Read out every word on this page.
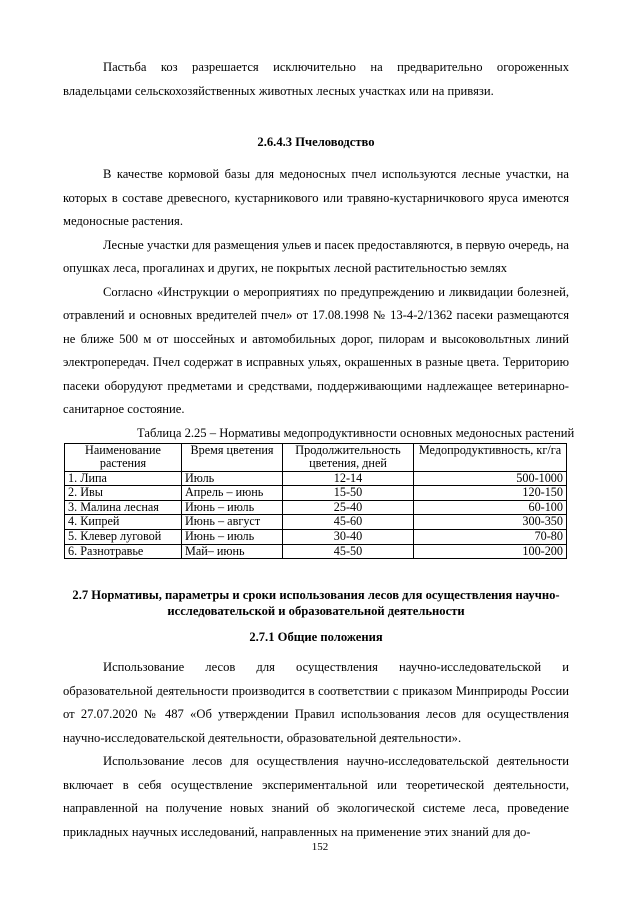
Пастьба коз разрешается исключительно на предварительно огороженных владельцами сельскохозяйственных животных лесных участках или на привязи.

2.6.4.3 Пчеловодство

В качестве кормовой базы для медоносных пчел используются лесные участки, на которых в составе древесного, кустарникового или травяно-кустарничкового яруса имеются медоносные растения.

Лесные участки для размещения ульев и пасек предоставляются, в первую очередь, на опушках леса, прогалинах и других, не покрытых лесной растительностью землях

Согласно «Инструкции о мероприятиях по предупреждению и ликвидации болезней, отравлений и основных вредителей пчел» от 17.08.1998 № 13-4-2/1362 пасеки размещаются не ближе 500 м от шоссейных и автомобильных дорог, пилорам и высоковольтных линий электропередач. Пчел содержат в исправных ульях, окрашенных в разные цвета. Территорию пасеки оборудуют предметами и средствами, поддерживающими надлежащее ветеринарно-санитарное состояние.

Таблица 2.25 – Нормативы медопродуктивности основных медоносных растений
Наименование растения	Время цветения	Продолжительность цветения, дней	Медопродуктивность, кг/га
1. Липа	Июль	12-14	500-1000
2. Ивы	Апрель – июнь	15-50	120-150
3. Малина лесная	Июнь – июль	25-40	60-100
4. Кипрей	Июнь – август	45-60	300-350
5. Клевер луговой	Июнь – июль	30-40	70-80
6. Разнотравье	Май– июнь	45-50	100-200
2.7 Нормативы, параметры и сроки использования лесов для осуществления научно-исследовательской и образовательной деятельности
2.7.1 Общие положения

Использование лесов для осуществления научно-исследовательской и образовательной деятельности производится в соответствии с приказом Минприроды России от 27.07.2020 № 487 «Об утверждении Правил использования лесов для осуществления научно-исследовательской деятельности, образовательной деятельности».

Использование лесов для осуществления научно-исследовательской деятельности включает в себя осуществление экспериментальной или теоретической деятельности, направленной на получение новых знаний об экологической системе леса, проведение прикладных научных исследований, направленных на применение этих знаний для до-

152
